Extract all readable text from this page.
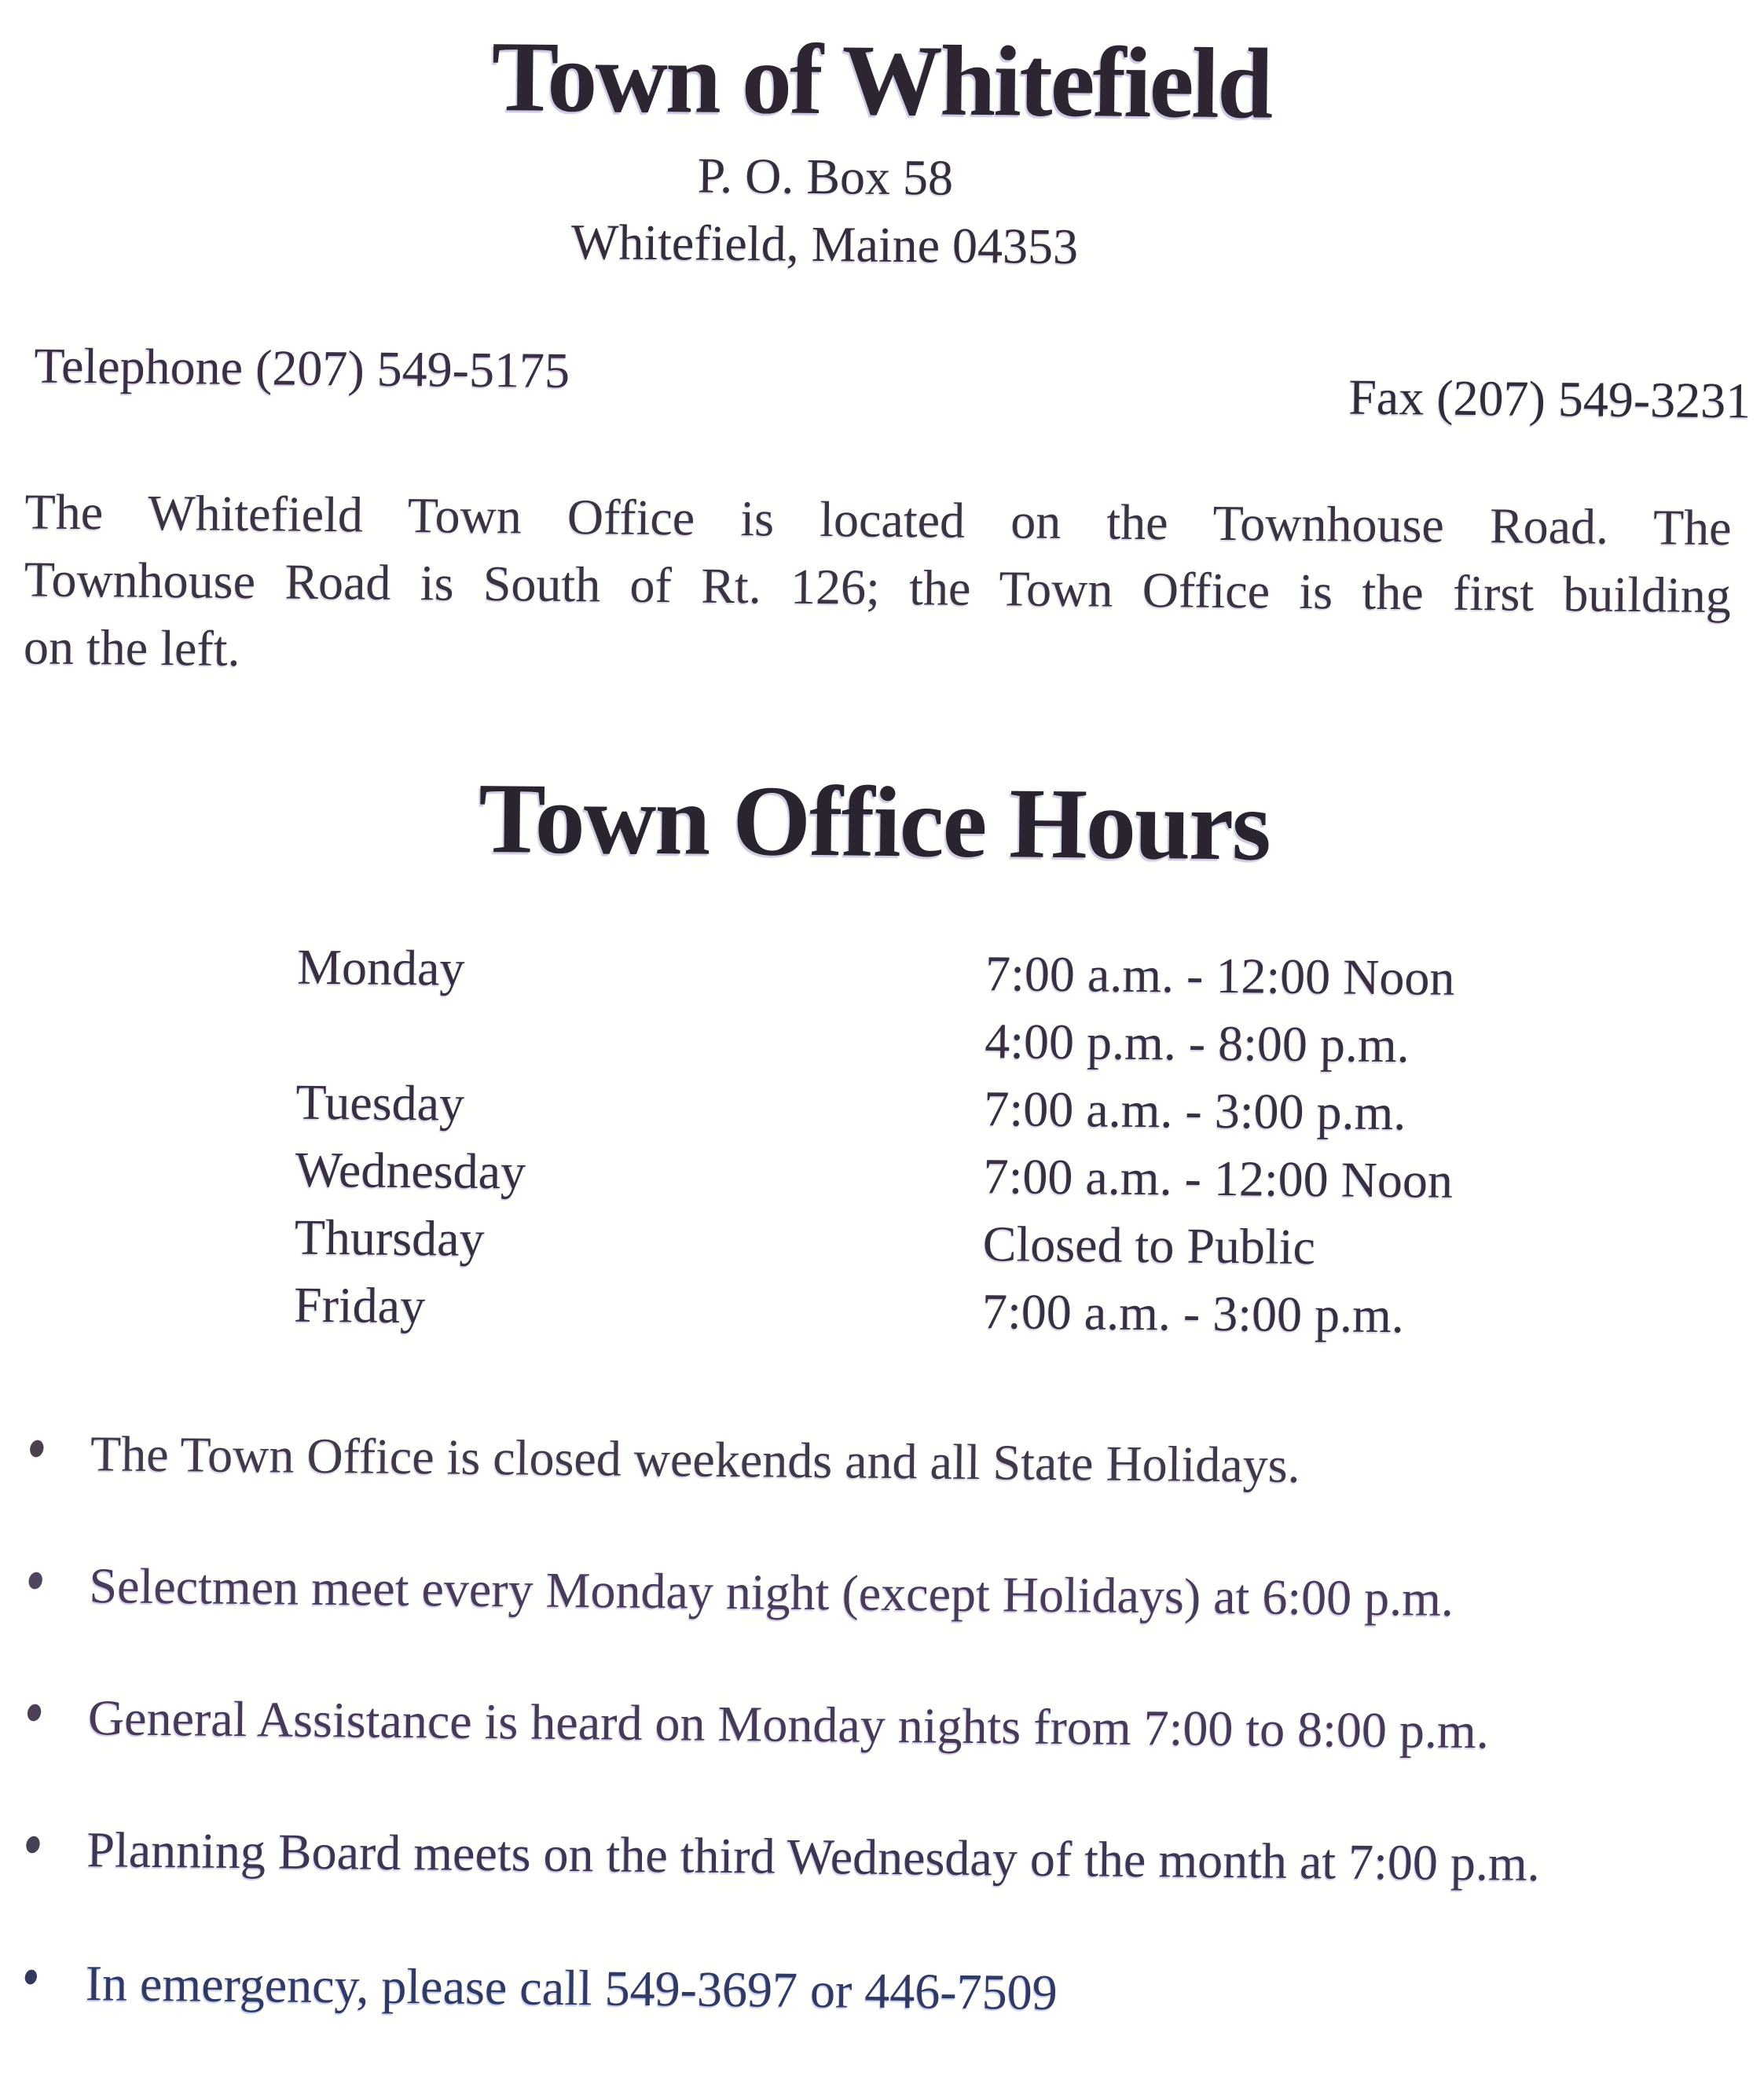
Town of Whitefield
P. O. Box 58
Whitefield, Maine 04353
Telephone (207) 549-5175
Fax (207) 549-3231
The Whitefield Town Office is located on the Townhouse Road. The
Townhouse Road is South of Rt. 126; the Town Office is the first building
on the left.
Town Office Hours
Monday	7:00 a.m. - 12:00 Noon
4:00 p.m. - 8:00 p.m.
Tuesday	7:00 a.m. - 3:00 p.m.
Wednesday	7:00 a.m. - 12:00 Noon
Thursday	Closed to Public
Friday	7:00 a.m. - 3:00 p.m.
The Town Office is closed weekends and all State Holidays.
Selectmen meet every Monday night (except Holidays) at 6:00 p.m.
General Assistance is heard on Monday nights from 7:00 to 8:00 p.m.
Planning Board meets on the third Wednesday of the month at 7:00 p.m.
In emergency, please call 549-3697 or 446-7509
